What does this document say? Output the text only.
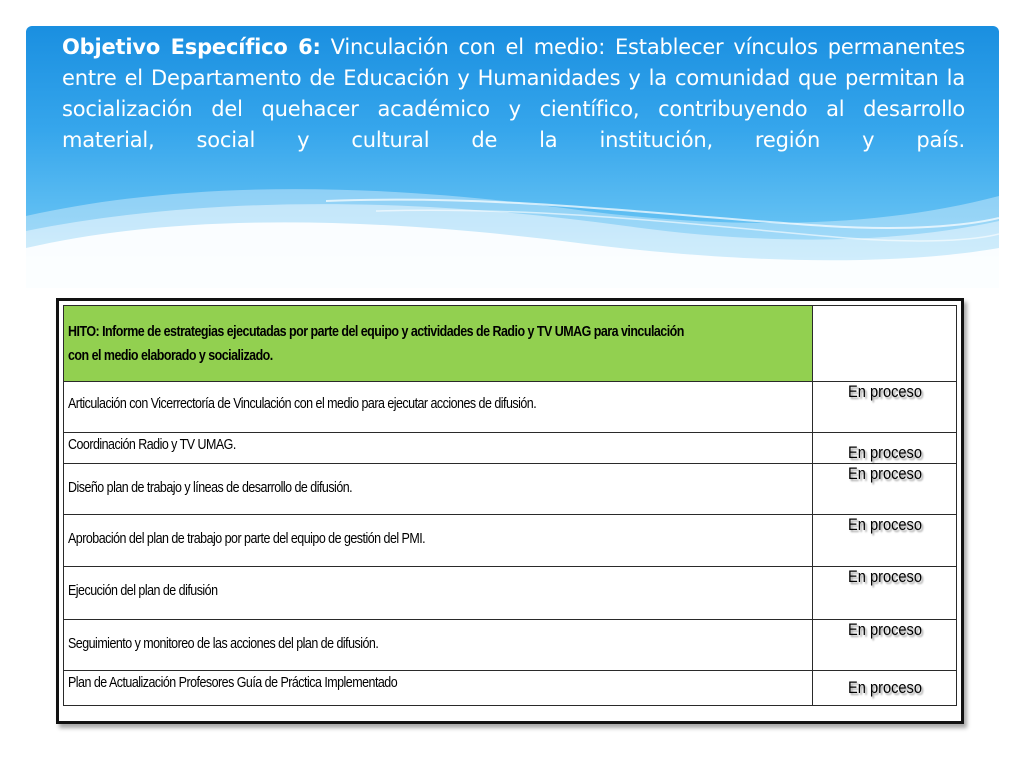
Objetivo Específico 6: Vinculación con el medio: Establecer vínculos permanentes entre el Departamento de Educación y Humanidades y la comunidad que permitan la socialización del quehacer académico y científico, contribuyendo al desarrollo material, social y cultural de la institución, región y país.
HITO: Informe de estrategias ejecutadas por parte del equipo y actividades de Radio y TV UMAG para vinculación con el medio elaborado y socializado.	
Articulación con Vicerrectoría de Vinculación con el medio para ejecutar acciones de difusión.	En proceso
Coordinación Radio y TV UMAG.	En proceso
Diseño plan de trabajo y líneas de desarrollo de difusión.	En proceso
Aprobación del plan de trabajo por parte del equipo de gestión del PMI.	En proceso
Ejecución del plan de difusión	En proceso
Seguimiento y monitoreo de las acciones del plan de difusión.	En proceso
Plan de Actualización Profesores Guía de Práctica Implementado	En proceso
